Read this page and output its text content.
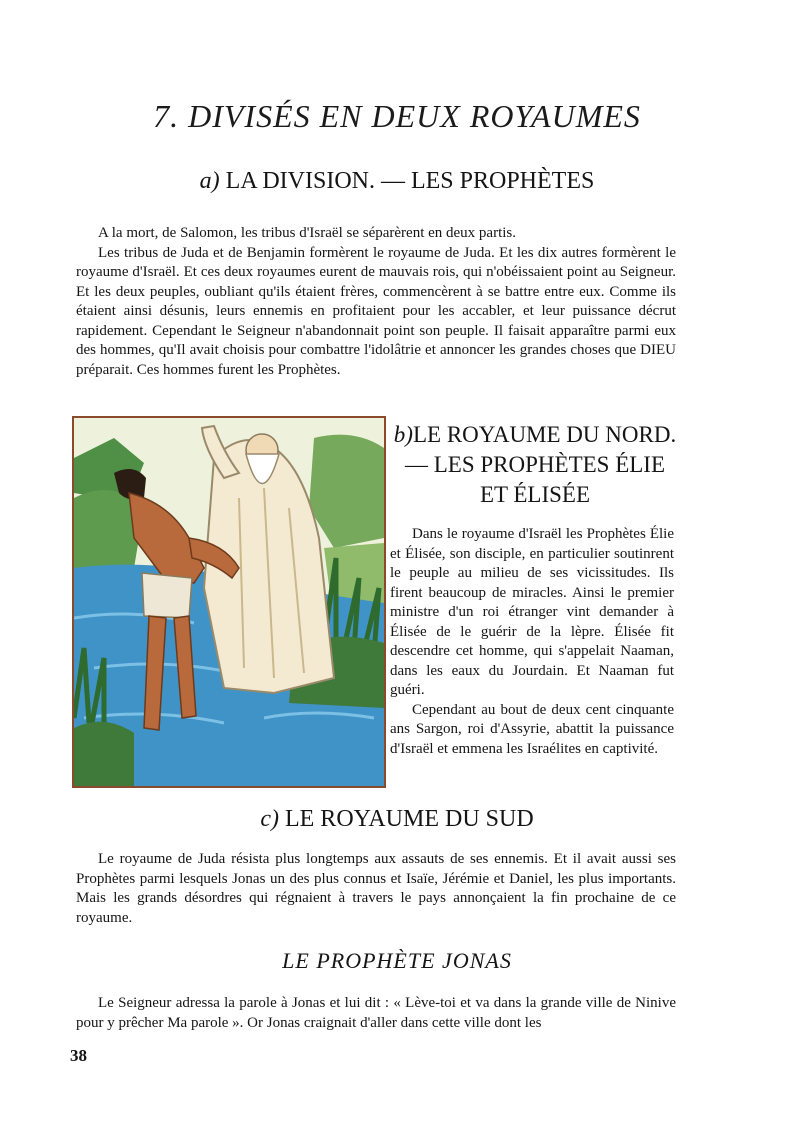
7. DIVISÉS EN DEUX ROYAUMES
a) LA DIVISION. — LES PROPHÈTES

A la mort, de Salomon, les tribus d'Israël se séparèrent en deux partis.

Les tribus de Juda et de Benjamin formèrent le royaume de Juda. Et les dix autres formèrent le royaume d'Israël. Et ces deux royaumes eurent de mauvais rois, qui n'obéissaient point au Seigneur. Et les deux peuples, oubliant qu'ils étaient frères, commencèrent à se battre entre eux. Comme ils étaient ainsi désunis, leurs ennemis en profitaient pour les accabler, et leur puissance décrut rapidement. Cependant le Seigneur n'abandonnait point son peuple. Il faisait apparaître parmi eux des hommes, qu'Il avait choisis pour combattre l'idolâtrie et annoncer les grandes choses que DIEU préparait. Ces hommes furent les Prophètes.

b)LE ROYAUME DU NORD.
— LES PROPHÈTES ÉLIE
ET ÉLISÉE

Dans le royaume d'Israël les Prophètes Élie et Élisée, son disciple, en particulier soutinrent le peuple au milieu de ses vicissitudes. Ils firent beaucoup de miracles. Ainsi le premier ministre d'un roi étranger vint demander à Élisée de le guérir de la lèpre. Élisée fit descendre cet homme, qui s'appelait Naaman, dans les eaux du Jourdain. Et Naaman fut guéri.

Cependant au bout de deux cent cinquante ans Sargon, roi d'Assyrie, abattit la puissance d'Israël et emmena les Israélites en captivité.

c) LE ROYAUME DU SUD

Le royaume de Juda résista plus longtemps aux assauts de ses ennemis. Et il avait aussi ses Prophètes parmi lesquels Jonas un des plus connus et Isaïe, Jérémie et Daniel, les plus importants. Mais les grands désordres qui régnaient à travers le pays annonçaient la fin prochaine de ce royaume.

LE PROPHÈTE JONAS

Le Seigneur adressa la parole à Jonas et lui dit : « Lève-toi et va dans la grande ville de Ninive pour y prêcher Ma parole ». Or Jonas craignait d'aller dans cette ville dont les

38
